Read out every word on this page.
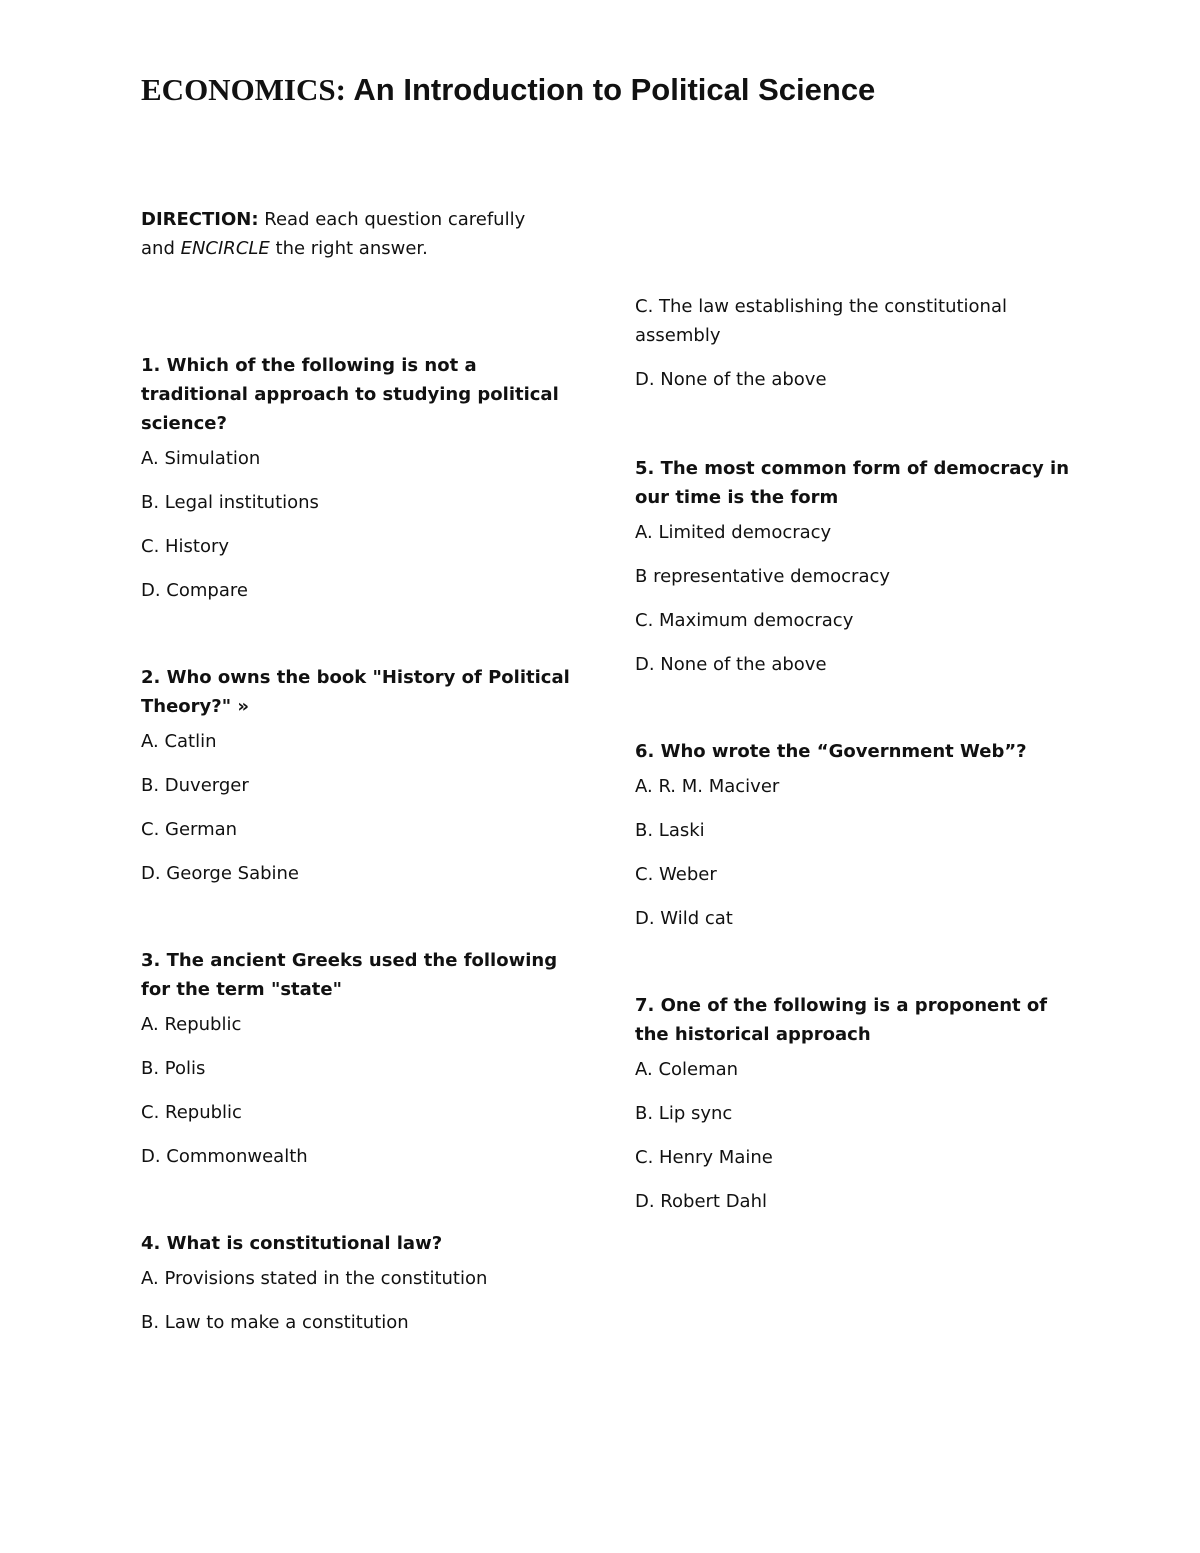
ECONOMICS: An Introduction to Political Science

DIRECTION: Read each question carefully and ENCIRCLE the right answer.

1. Which of the following is not a traditional approach to studying political science?

A. Simulation

B. Legal institutions

C. History

D. Compare

2. Who owns the book "History of Political Theory?" »

A. Catlin

B. Duverger

C. German

D. George Sabine

3. The ancient Greeks used the following for the term "state"

A. Republic

B. Polis

C. Republic

D. Commonwealth

4. What is constitutional law?

A. Provisions stated in the constitution

B. Law to make a constitution

C. The law establishing the constitutional assembly

D. None of the above

5. The most common form of democracy in our time is the form

A. Limited democracy

B representative democracy

C. Maximum democracy

D. None of the above

6. Who wrote the “Government Web”?

A. R. M. Maciver

B. Laski

C. Weber

D. Wild cat

7. One of the following is a proponent of the historical approach

A. Coleman

B. Lip sync

C. Henry Maine

D. Robert Dahl
